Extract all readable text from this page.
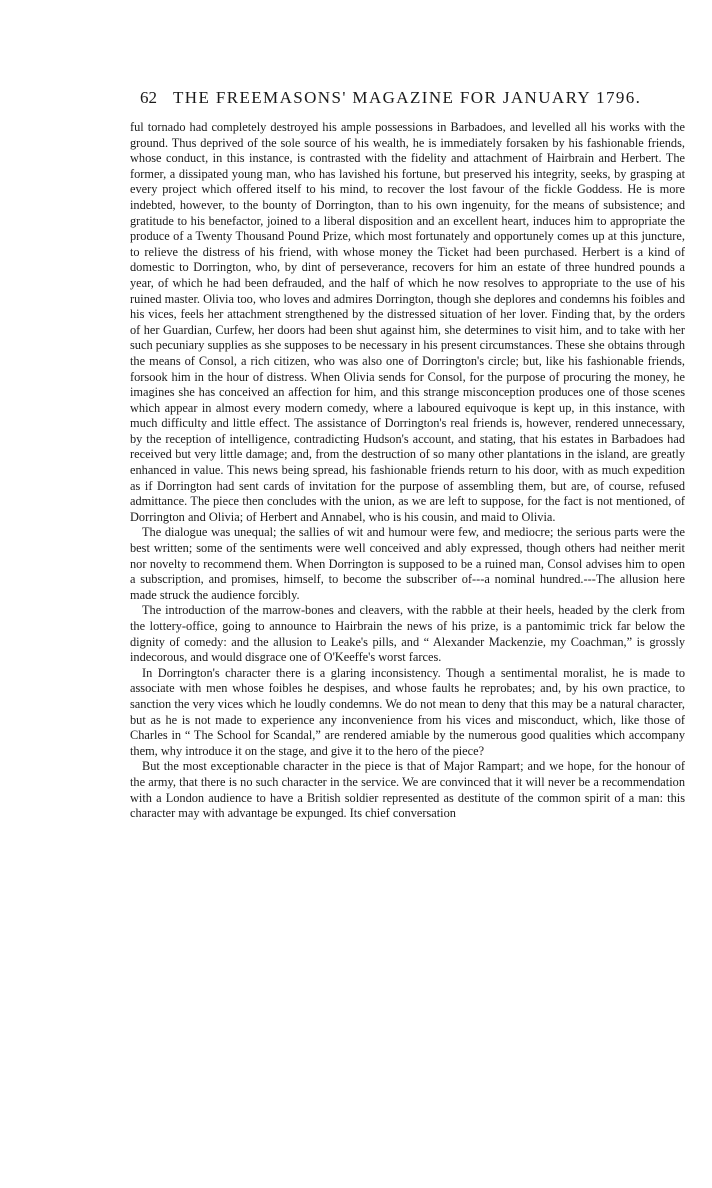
62 THE FREEMASONS' MAGAZINE FOR JANUARY 1796.

ful tornado had completely destroyed his ample possessions in Barbadoes, and levelled all his works with the ground. Thus deprived of the sole source of his wealth, he is immediately forsaken by his fashionable friends, whose conduct, in this instance, is contrasted with the fidelity and attachment of Hairbrain and Herbert. The former, a dissipated young man, who has lavished his fortune, but preserved his integrity, seeks, by grasping at every project which offered itself to his mind, to recover the lost favour of the fickle Goddess. He is more indebted, however, to the bounty of Dorrington, than to his own ingenuity, for the means of subsistence; and gratitude to his benefactor, joined to a liberal disposition and an excellent heart, induces him to appropriate the produce of a Twenty Thousand Pound Prize, which most fortunately and opportunely comes up at this juncture, to relieve the distress of his friend, with whose money the Ticket had been purchased. Herbert is a kind of domestic to Dorrington, who, by dint of perseverance, recovers for him an estate of three hundred pounds a year, of which he had been defrauded, and the half of which he now resolves to appropriate to the use of his ruined master. Olivia too, who loves and admires Dorrington, though she deplores and condemns his foibles and his vices, feels her attachment strengthened by the distressed situation of her lover. Finding that, by the orders of her Guardian, Curfew, her doors had been shut against him, she determines to visit him, and to take with her such pecuniary supplies as she supposes to be necessary in his present circumstances. These she obtains through the means of Consol, a rich citizen, who was also one of Dorrington's circle; but, like his fashionable friends, forsook him in the hour of distress. When Olivia sends for Consol, for the purpose of procuring the money, he imagines she has conceived an affection for him, and this strange misconception produces one of those scenes which appear in almost every modern comedy, where a laboured equivoque is kept up, in this instance, with much difficulty and little effect. The assistance of Dorrington's real friends is, however, rendered unnecessary, by the reception of intelligence, contradicting Hudson's account, and stating, that his estates in Barbadoes had received but very little damage; and, from the destruction of so many other plantations in the island, are greatly enhanced in value. This news being spread, his fashionable friends return to his door, with as much expedition as if Dorrington had sent cards of invitation for the purpose of assembling them, but are, of course, refused admittance. The piece then concludes with the union, as we are left to suppose, for the fact is not mentioned, of Dorrington and Olivia; of Herbert and Annabel, who is his cousin, and maid to Olivia.

The dialogue was unequal; the sallies of wit and humour were few, and mediocre; the serious parts were the best written; some of the sentiments were well conceived and ably expressed, though others had neither merit nor novelty to recommend them. When Dorrington is supposed to be a ruined man, Consol advises him to open a subscription, and promises, himself, to become the subscriber of---a nominal hundred.---The allusion here made struck the audience forcibly.

The introduction of the marrow-bones and cleavers, with the rabble at their heels, headed by the clerk from the lottery-office, going to announce to Hairbrain the news of his prize, is a pantomimic trick far below the dignity of comedy: and the allusion to Leake's pills, and “ Alexander Mackenzie, my Coachman,” is grossly indecorous, and would disgrace one of O'Keeffe's worst farces.

In Dorrington's character there is a glaring inconsistency. Though a sentimental moralist, he is made to associate with men whose foibles he despises, and whose faults he reprobates; and, by his own practice, to sanction the very vices which he loudly condemns. We do not mean to deny that this may be a natural character, but as he is not made to experience any inconvenience from his vices and misconduct, which, like those of Charles in “ The School for Scandal,” are rendered amiable by the numerous good qualities which accompany them, why introduce it on the stage, and give it to the hero of the piece?

But the most exceptionable character in the piece is that of Major Rampart; and we hope, for the honour of the army, that there is no such character in the service. We are convinced that it will never be a recommendation with a London audience to have a British soldier represented as destitute of the common spirit of a man: this character may with advantage be expunged. Its chief conversation
